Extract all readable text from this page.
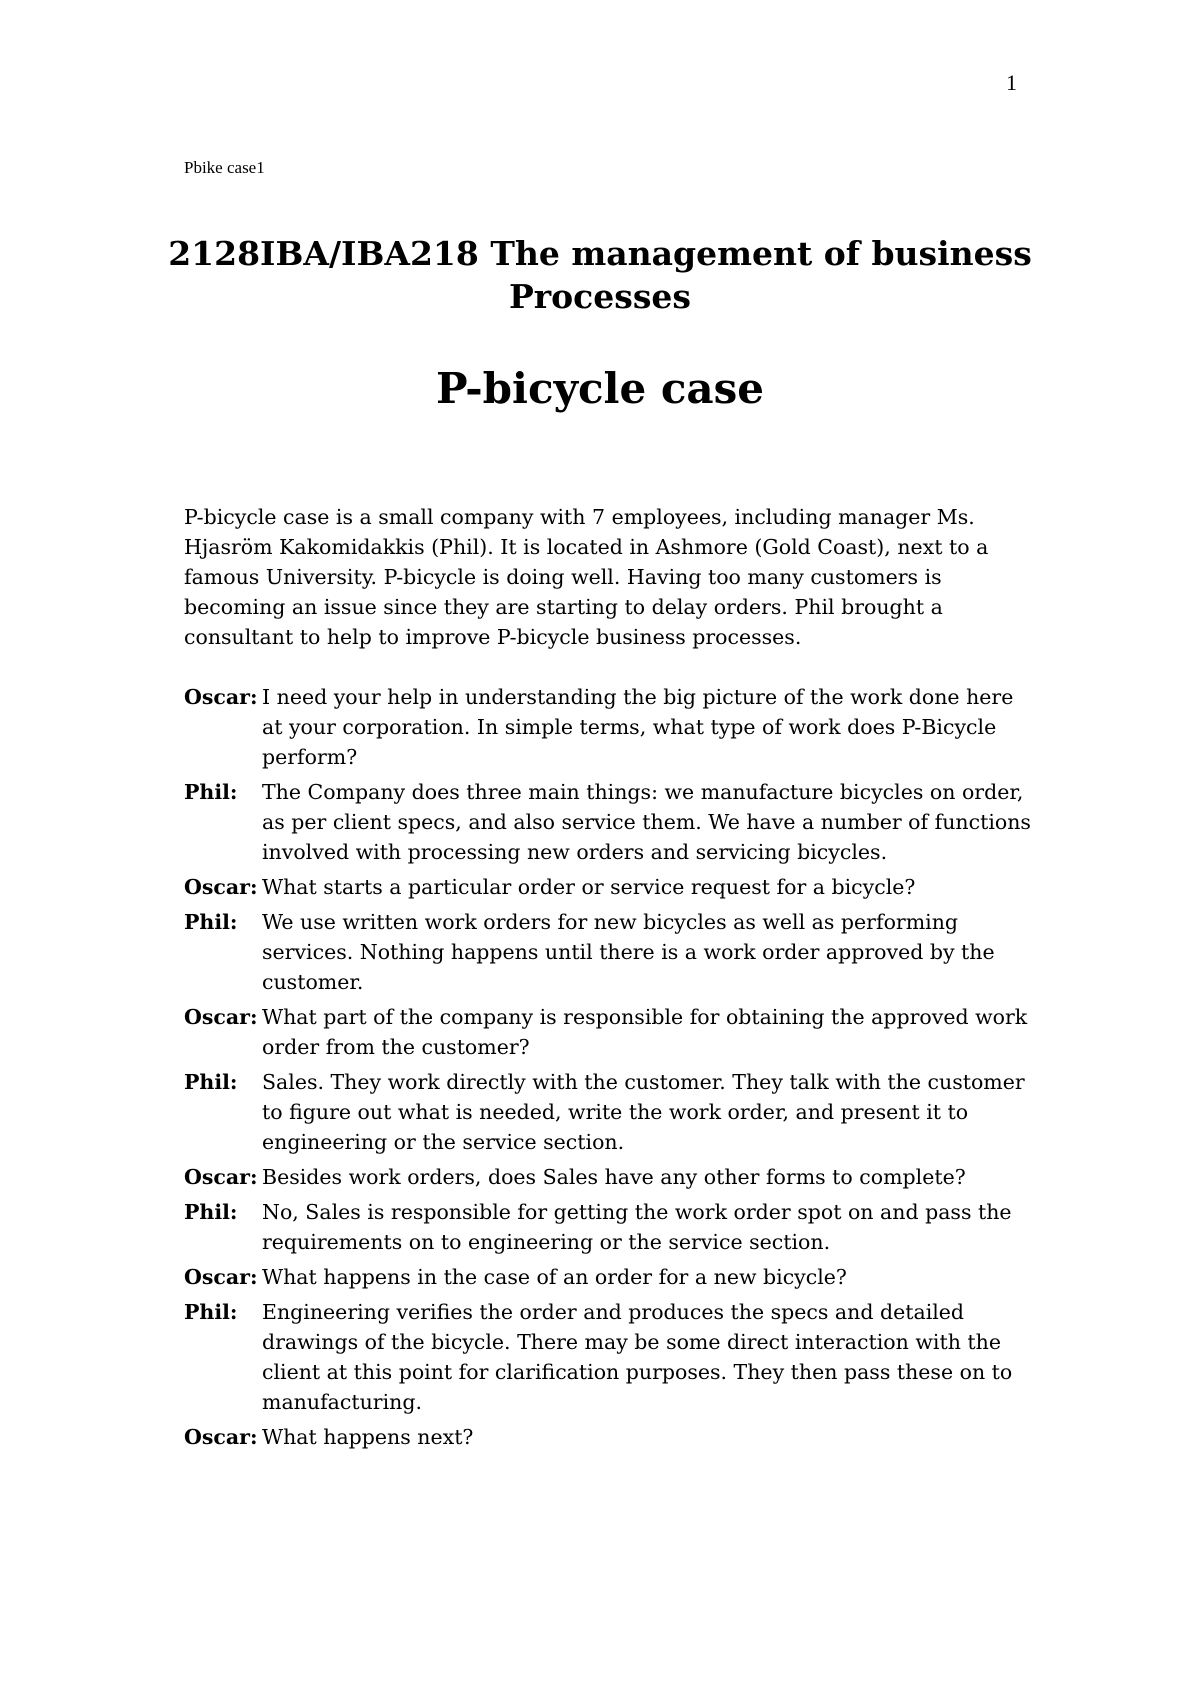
1
Pbike case1
2128IBA/IBA218 The management of business
Processes
P-bicycle case

P-bicycle case is a small company with 7 employees, including manager Ms. Hjasröm Kakomidakkis (Phil). It is located in Ashmore (Gold Coast), next to a famous University. P-bicycle is doing well. Having too many customers is becoming an issue since they are starting to delay orders. Phil brought a consultant to help to improve P-bicycle business processes.

Oscar: I need your help in understanding the big picture of the work done here at your corporation. In simple terms, what type of work does P-Bicycle perform?
Phil:	The Company does three main things: we manufacture bicycles on order, as per client specs, and also service them. We have a number of functions involved with processing new orders and servicing bicycles.
Oscar: What starts a particular order or service request for a bicycle?
Phil:	We use written work orders for new bicycles as well as performing services. Nothing happens until there is a work order approved by the customer.
Oscar: What part of the company is responsible for obtaining the approved work order from the customer?
Phil:	Sales. They work directly with the customer. They talk with the customer to figure out what is needed, write the work order, and present it to engineering or the service section.
Oscar: Besides work orders, does Sales have any other forms to complete?
Phil:	No, Sales is responsible for getting the work order spot on and pass the requirements on to engineering or the service section.
Oscar: What happens in the case of an order for a new bicycle?
Phil:	Engineering verifies the order and produces the specs and detailed drawings of the bicycle. There may be some direct interaction with the client at this point for clarification purposes. They then pass these on to manufacturing.
Oscar: What happens next?
